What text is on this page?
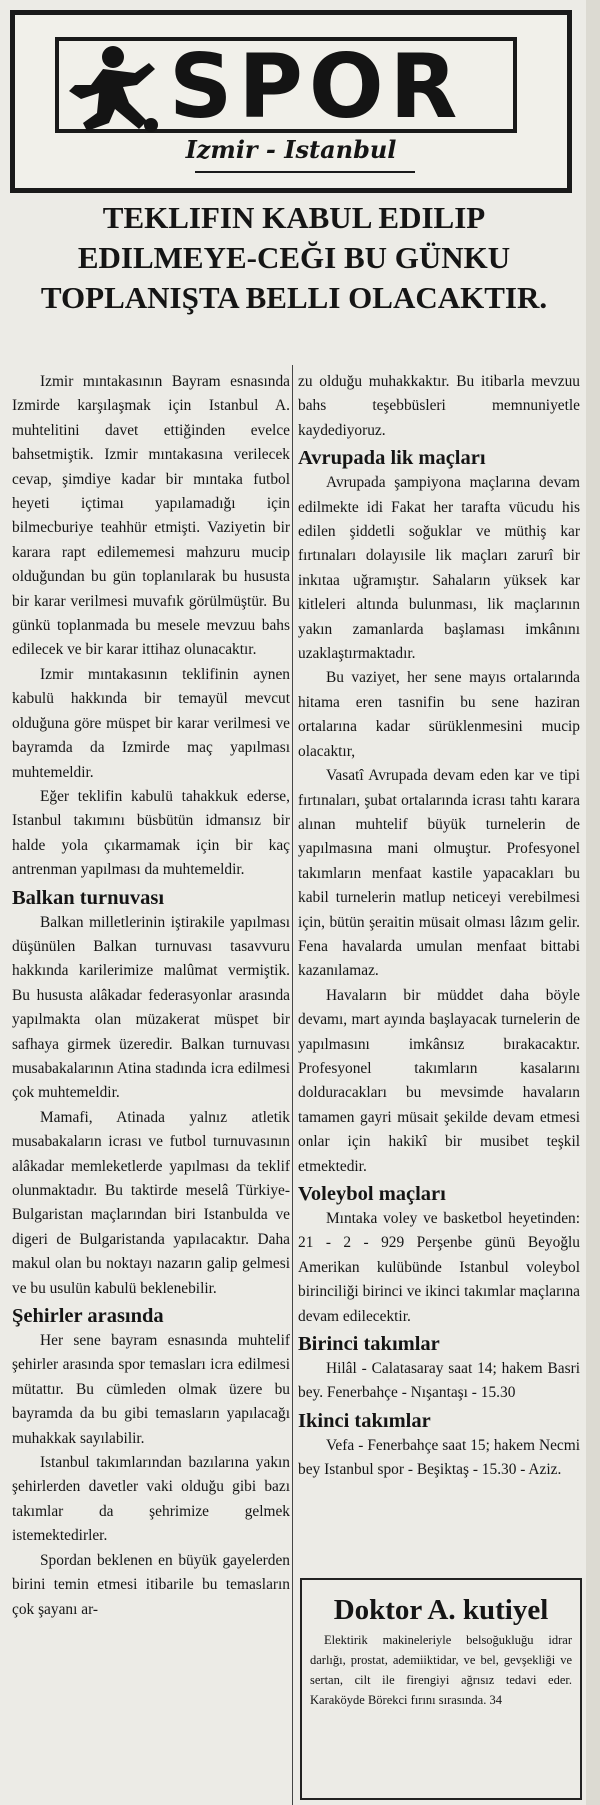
SPOR
Izmir - Istanbul
TEKLIFIN KABUL EDILIP EDILMEYE-CEĞI BU GÜNKU TOPLANIŞTA BELLI OLACAKTIR.

Izmir mıntakasının Bayram esnasında Izmirde karşılaşmak için Istanbul A. muhtelitini davet ettiğinden evelce bahsetmiştik. Izmir mıntakasına verilecek cevap, şimdiye kadar bir mıntaka futbol heyeti içtimaı yapılamadığı için bilmecburiye teahhür etmişti. Vaziyetin bir karara rapt edilememesi mahzuru mucip olduğundan bu gün toplanılarak bu hususta bir karar verilmesi muvafık görülmüştür. Bu günkü toplanmada bu mesele mevzuu bahs edilecek ve bir karar ittihaz olunacaktır.

Izmir mıntakasının teklifinin aynen kabulü hakkında bir temayül mevcut olduğuna göre müspet bir karar verilmesi ve bayramda da Izmirde maç yapılması muhtemeldir.

Eğer teklifin kabulü tahakkuk ederse, Istanbul takımını büsbütün idmansız bir halde yola çıkarmamak için bir kaç antrenman yapılması da muhtemeldir.

Balkan turnuvası

Balkan milletlerinin iştirakile yapılması düşünülen Balkan turnuvası tasavvuru hakkında karilerimize malûmat vermiştik. Bu hususta alâkadar federasyonlar arasında yapılmakta olan müzakerat müspet bir safhaya girmek üzeredir. Balkan turnuvası musabakalarının Atina stadında icra edilmesi çok muhtemeldir.

Mamafi, Atinada yalnız atletik musabakaların icrası ve futbol turnuvasının alâkadar memleketlerde yapılması da teklif olunmaktadır. Bu taktirde meselâ Türkiye-Bulgaristan maçlarından biri Istanbulda ve digeri de Bulgaristanda yapılacaktır. Daha makul olan bu noktayı nazarın galip gelmesi ve bu usulün kabulü beklenebilir.

Şehirler arasında

Her sene bayram esnasında muhtelif şehirler arasında spor temasları icra edilmesi mütattır. Bu cümleden olmak üzere bu bayramda da bu gibi temasların yapılacağı muhakkak sayılabilir.

Istanbul takımlarından bazılarına yakın şehirlerden davetler vaki olduğu gibi bazı takımlar da şehrimize gelmek istemektedirler.

Spordan beklenen en büyük gayelerden birini temin etmesi itibarile bu temasların çok şayanı ar-

zu olduğu muhakkaktır. Bu itibarla mevzuu bahs teşebbüsleri memnuniyetle kaydediyoruz.

Avrupada lik maçları

Avrupada şampiyona maçlarına devam edilmekte idi Fakat her tarafta vücudu his edilen şiddetli soğuklar ve müthiş kar fırtınaları dolayısile lik maçları zarurî bir inkıtaa uğramıştır. Sahaların yüksek kar kitleleri altında bulunması, lik maçlarının yakın zamanlarda başlaması imkânını uzaklaştırmaktadır.

Bu vaziyet, her sene mayıs ortalarında hitama eren tasnifin bu sene haziran ortalarına kadar sürüklenmesini mucip olacaktır,

Vasatî Avrupada devam eden kar ve tipi fırtınaları, şubat ortalarında icrası tahtı karara alınan muhtelif büyük turnelerin de yapılmasına mani olmuştur. Profesyonel takımların menfaat kastile yapacakları bu kabil turnelerin matlup neticeyi verebilmesi için, bütün şeraitin müsait olması lâzım gelir. Fena havalarda umulan menfaat bittabi kazanılamaz.

Havaların bir müddet daha böyle devamı, mart ayında başlayacak turnelerin de yapılmasını imkânsız bırakacaktır. Profesyonel takımların kasalarını dolduracakları bu mevsimde havaların tamamen gayri müsait şekilde devam etmesi onlar için hakikî bir musibet teşkil etmektedir.

Voleybol maçları

Mıntaka voley ve basketbol heyetinden: 21 - 2 - 929 Perşenbe günü Beyoğlu Amerikan kulübünde Istanbul voleybol birinciliği birinci ve ikinci takımlar maçlarına devam edilecektir.

Birinci takımlar

Hilâl - Calatasaray saat 14; hakem Basri bey. Fenerbahçe - Nışantaşı - 15.30

Ikinci takımlar

Vefa - Fenerbahçe saat 15; hakem Necmi bey Istanbul spor - Beşiktaş - 15.30 - Aziz.

Doktor A. kutiyel
Elektirik makineleriyle belsoğukluğu idrar darlığı, prostat, ademiiktidar, ve bel, gevşekliği ve sertan, cilt ile firengiyi ağrısız tedavi eder. Karaköyde Börekci fırını sırasında. 34
